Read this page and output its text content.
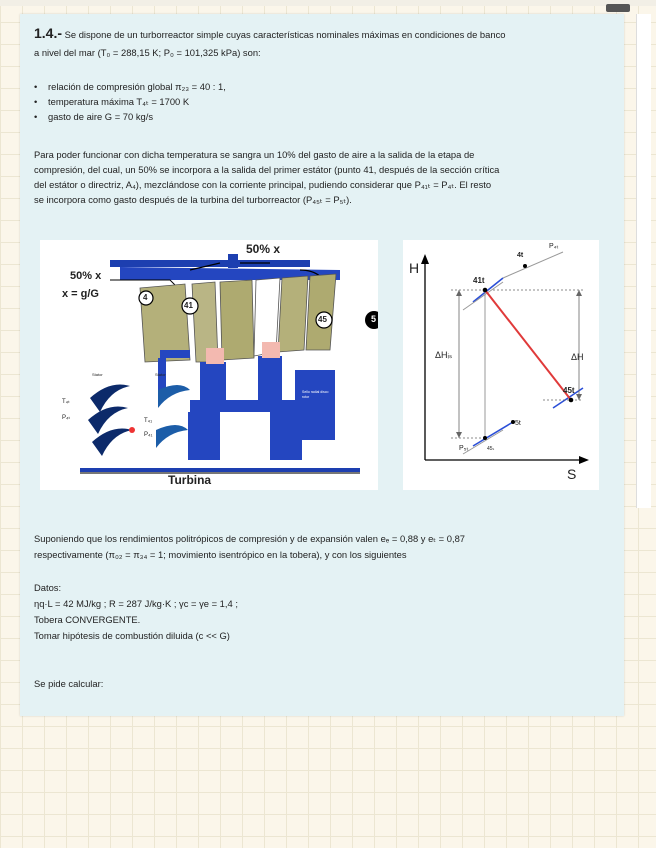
1.4.- Se dispone de un turborreactor simple cuyas características nominales máximas en condiciones de banco
a nivel del mar (T₀ = 288,15 K; P₀ = 101,325 kPa) son:
• relación de compresión global π₂₃ = 40 : 1,
• temperatura máxima T₄ₜ = 1700 K
• gasto de aire G = 70 kg/s
Para poder funcionar con dicha temperatura se sangra un 10% del gasto de aire a la salida de la etapa de
compresión, del cual, un 50% se incorpora a la salida del primer estátor (punto 41, después de la sección crítica
del estátor o directriz, A₄), mezclándose con la corriente principal, pudiendo considerar que P₄₁ₜ = P₄ₜ. El resto
se incorpora como gasto después de la turbina del turborreactor (P₄₅ₜ = P₅ₜ).
50% x
50% x
x = g/G	4
41
45	5
Stator	Stator
T₄ₜ
P₄ₜ	T₄₁
P₄₁
Sello radial disco rotor
Turbina
H
S
P₄ₜ
4t
41t
45t
5t
P₅ₜ	45ₛ
ΔHᵢₛ	ΔH
Suponiendo que los rendimientos politrópicos de compresión y de expansión valen eₑ = 0,88 y eₜ = 0,87
respectivamente (π₀₂ = π₃₄ = 1; movimiento isentrópico en la tobera), y con los siguientes
Datos:
ηq·L = 42 MJ/kg ; R = 287 J/kg·K ; γc = γe = 1,4 ;
Tobera CONVERGENTE.
Tomar hipótesis de combustión diluida (c << G)
Se pide calcular:
